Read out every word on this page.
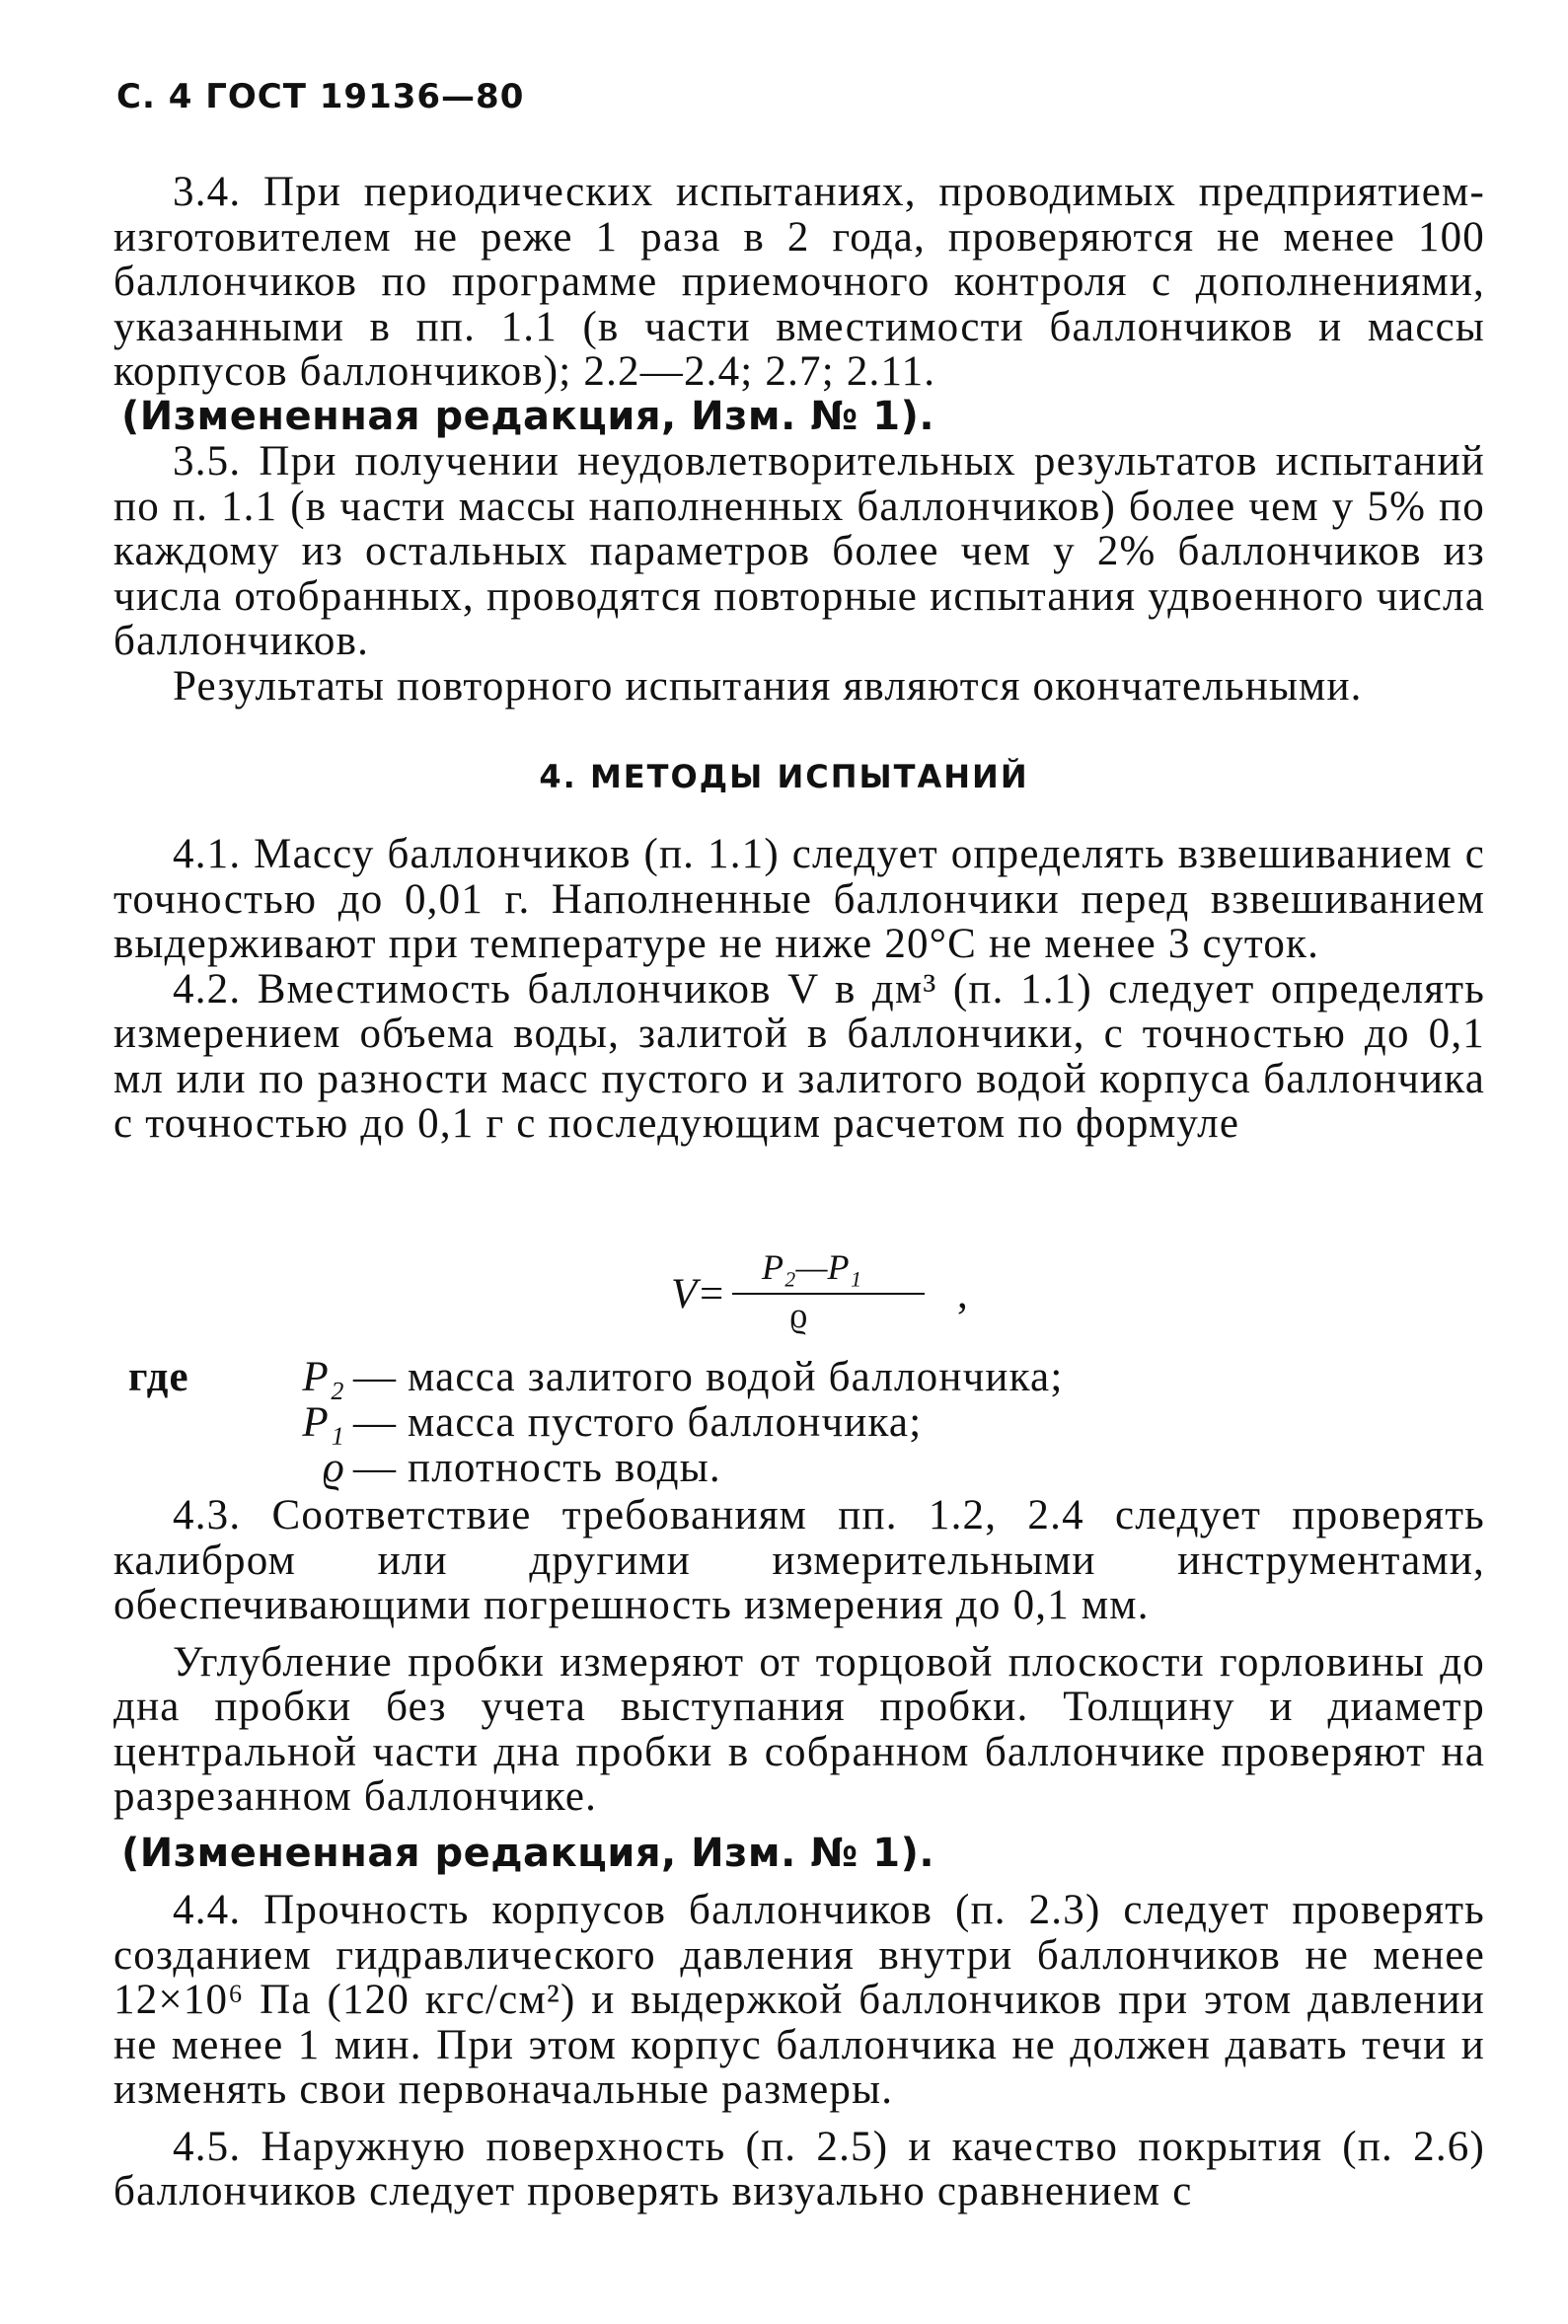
С. 4 ГОСТ 19136—80

3.4. При периодических испытаниях, проводимых предприятием-изготовителем не реже 1 раза в 2 года, проверяются не менее 100 баллончиков по программе приемочного контроля с дополнениями, указанными в пп. 1.1 (в части вместимости баллончиков и массы корпусов баллончиков); 2.2—2.4; 2.7; 2.11.

(Измененная редакция, Изм. № 1).

3.5. При получении неудовлетворительных результатов испытаний по п. 1.1 (в части массы наполненных баллончиков) более чем у 5% по каждому из остальных параметров более чем у 2% баллончиков из числа отобранных, проводятся повторные испытания удвоенного числа баллончиков.

Результаты повторного испытания являются окончательными.

4. МЕТОДЫ ИСПЫТАНИЙ

4.1. Массу баллончиков (п. 1.1) следует определять взвешиванием с точностью до 0,01 г. Наполненные баллончики перед взвешиванием выдерживают при температуре не ниже 20°С не менее 3 суток.

4.2. Вместимость баллончиков V в дм³ (п. 1.1) следует определять измерением объема воды, залитой в баллончики, с точностью до 0,1 мл или по разности масс пустого и залитого водой корпуса баллончика с точностью до 0,1 г с последующим расчетом по формуле

V=
P₂—P₁
ϱ	,
где	P₂ — масса залитого водой баллончика;
P₁ — масса пустого баллончика;
ϱ — плотность воды.

4.3. Соответствие требованиям пп. 1.2, 2.4 следует проверять калибром или другими измерительными инструментами, обеспечивающими погрешность измерения до 0,1 мм.

Углубление пробки измеряют от торцовой плоскости горловины до дна пробки без учета выступания пробки. Толщину и диаметр центральной части дна пробки в собранном баллончике проверяют на разрезанном баллончике.

(Измененная редакция, Изм. № 1).

4.4. Прочность корпусов баллончиков (п. 2.3) следует проверять созданием гидравлического давления внутри баллончиков не менее 12×10⁶ Па (120 кгс/см²) и выдержкой баллончиков при этом давлении не менее 1 мин. При этом корпус баллончика не должен давать течи и изменять свои первоначальные размеры.

4.5. Наружную поверхность (п. 2.5) и качество покрытия (п. 2.6) баллончиков следует проверять визуально сравнением с
